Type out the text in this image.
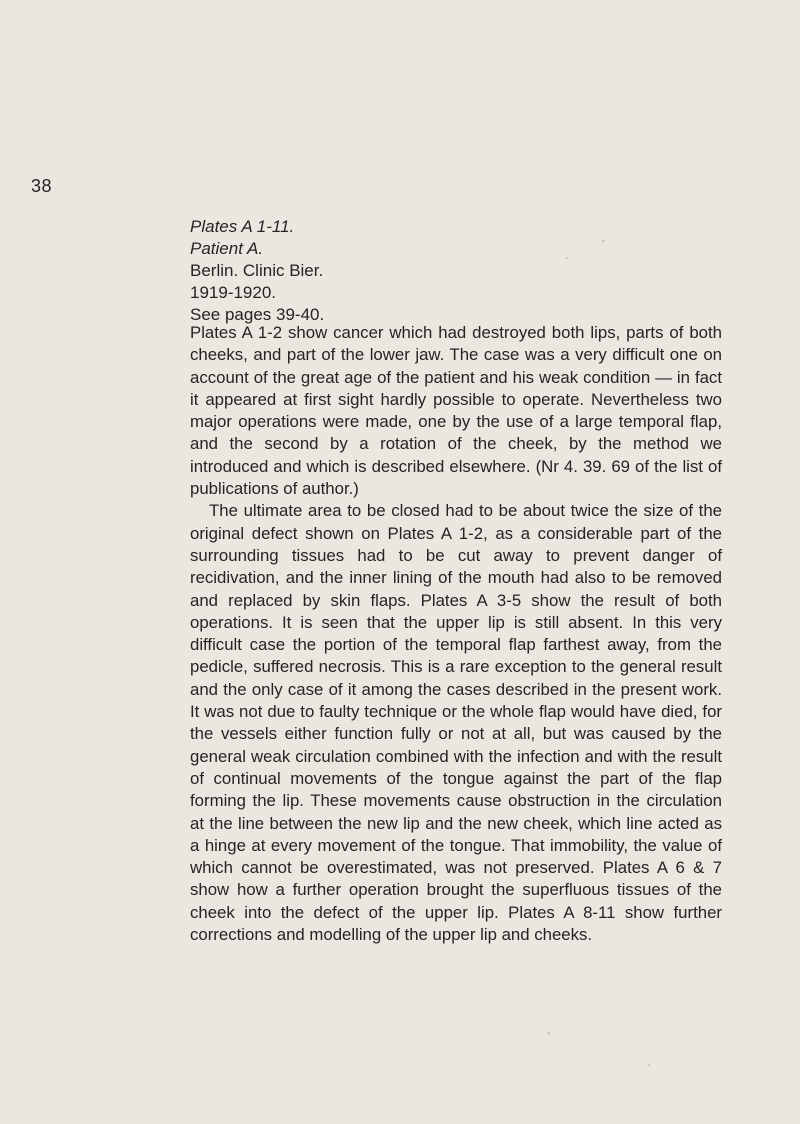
38
Plates A 1-11.
Patient A.
Berlin. Clinic Bier.
1919-1920.
See pages 39-40.

Plates A 1-2 show cancer which had destroyed both lips, parts of both cheeks, and part of the lower jaw. The case was a very difficult one on account of the great age of the patient and his weak condition — in fact it appeared at first sight hardly possible to operate. Nevertheless two major operations were made, one by the use of a large temporal flap, and the second by a rotation of the cheek, by the method we introduced and which is described elsewhere. (Nr 4. 39. 69 of the list of publications of author.)

The ultimate area to be closed had to be about twice the size of the original defect shown on Plates A 1-2, as a considerable part of the surrounding tissues had to be cut away to prevent danger of recidivation, and the inner lining of the mouth had also to be removed and replaced by skin flaps. Plates A 3-5 show the result of both operations. It is seen that the upper lip is still absent. In this very difficult case the portion of the temporal flap farthest away, from the pedicle, suffered necrosis. This is a rare exception to the general result and the only case of it among the cases described in the present work. It was not due to faulty technique or the whole flap would have died, for the vessels either function fully or not at all, but was caused by the general weak circulation combined with the infection and with the result of continual movements of the tongue against the part of the flap forming the lip. These movements cause obstruction in the circulation at the line between the new lip and the new cheek, which line acted as a hinge at every movement of the tongue. That immobility, the value of which cannot be overestimated, was not preserved. Plates A 6 & 7 show how a further operation brought the superfluous tissues of the cheek into the defect of the upper lip. Plates A 8-11 show further corrections and modelling of the upper lip and cheeks.
